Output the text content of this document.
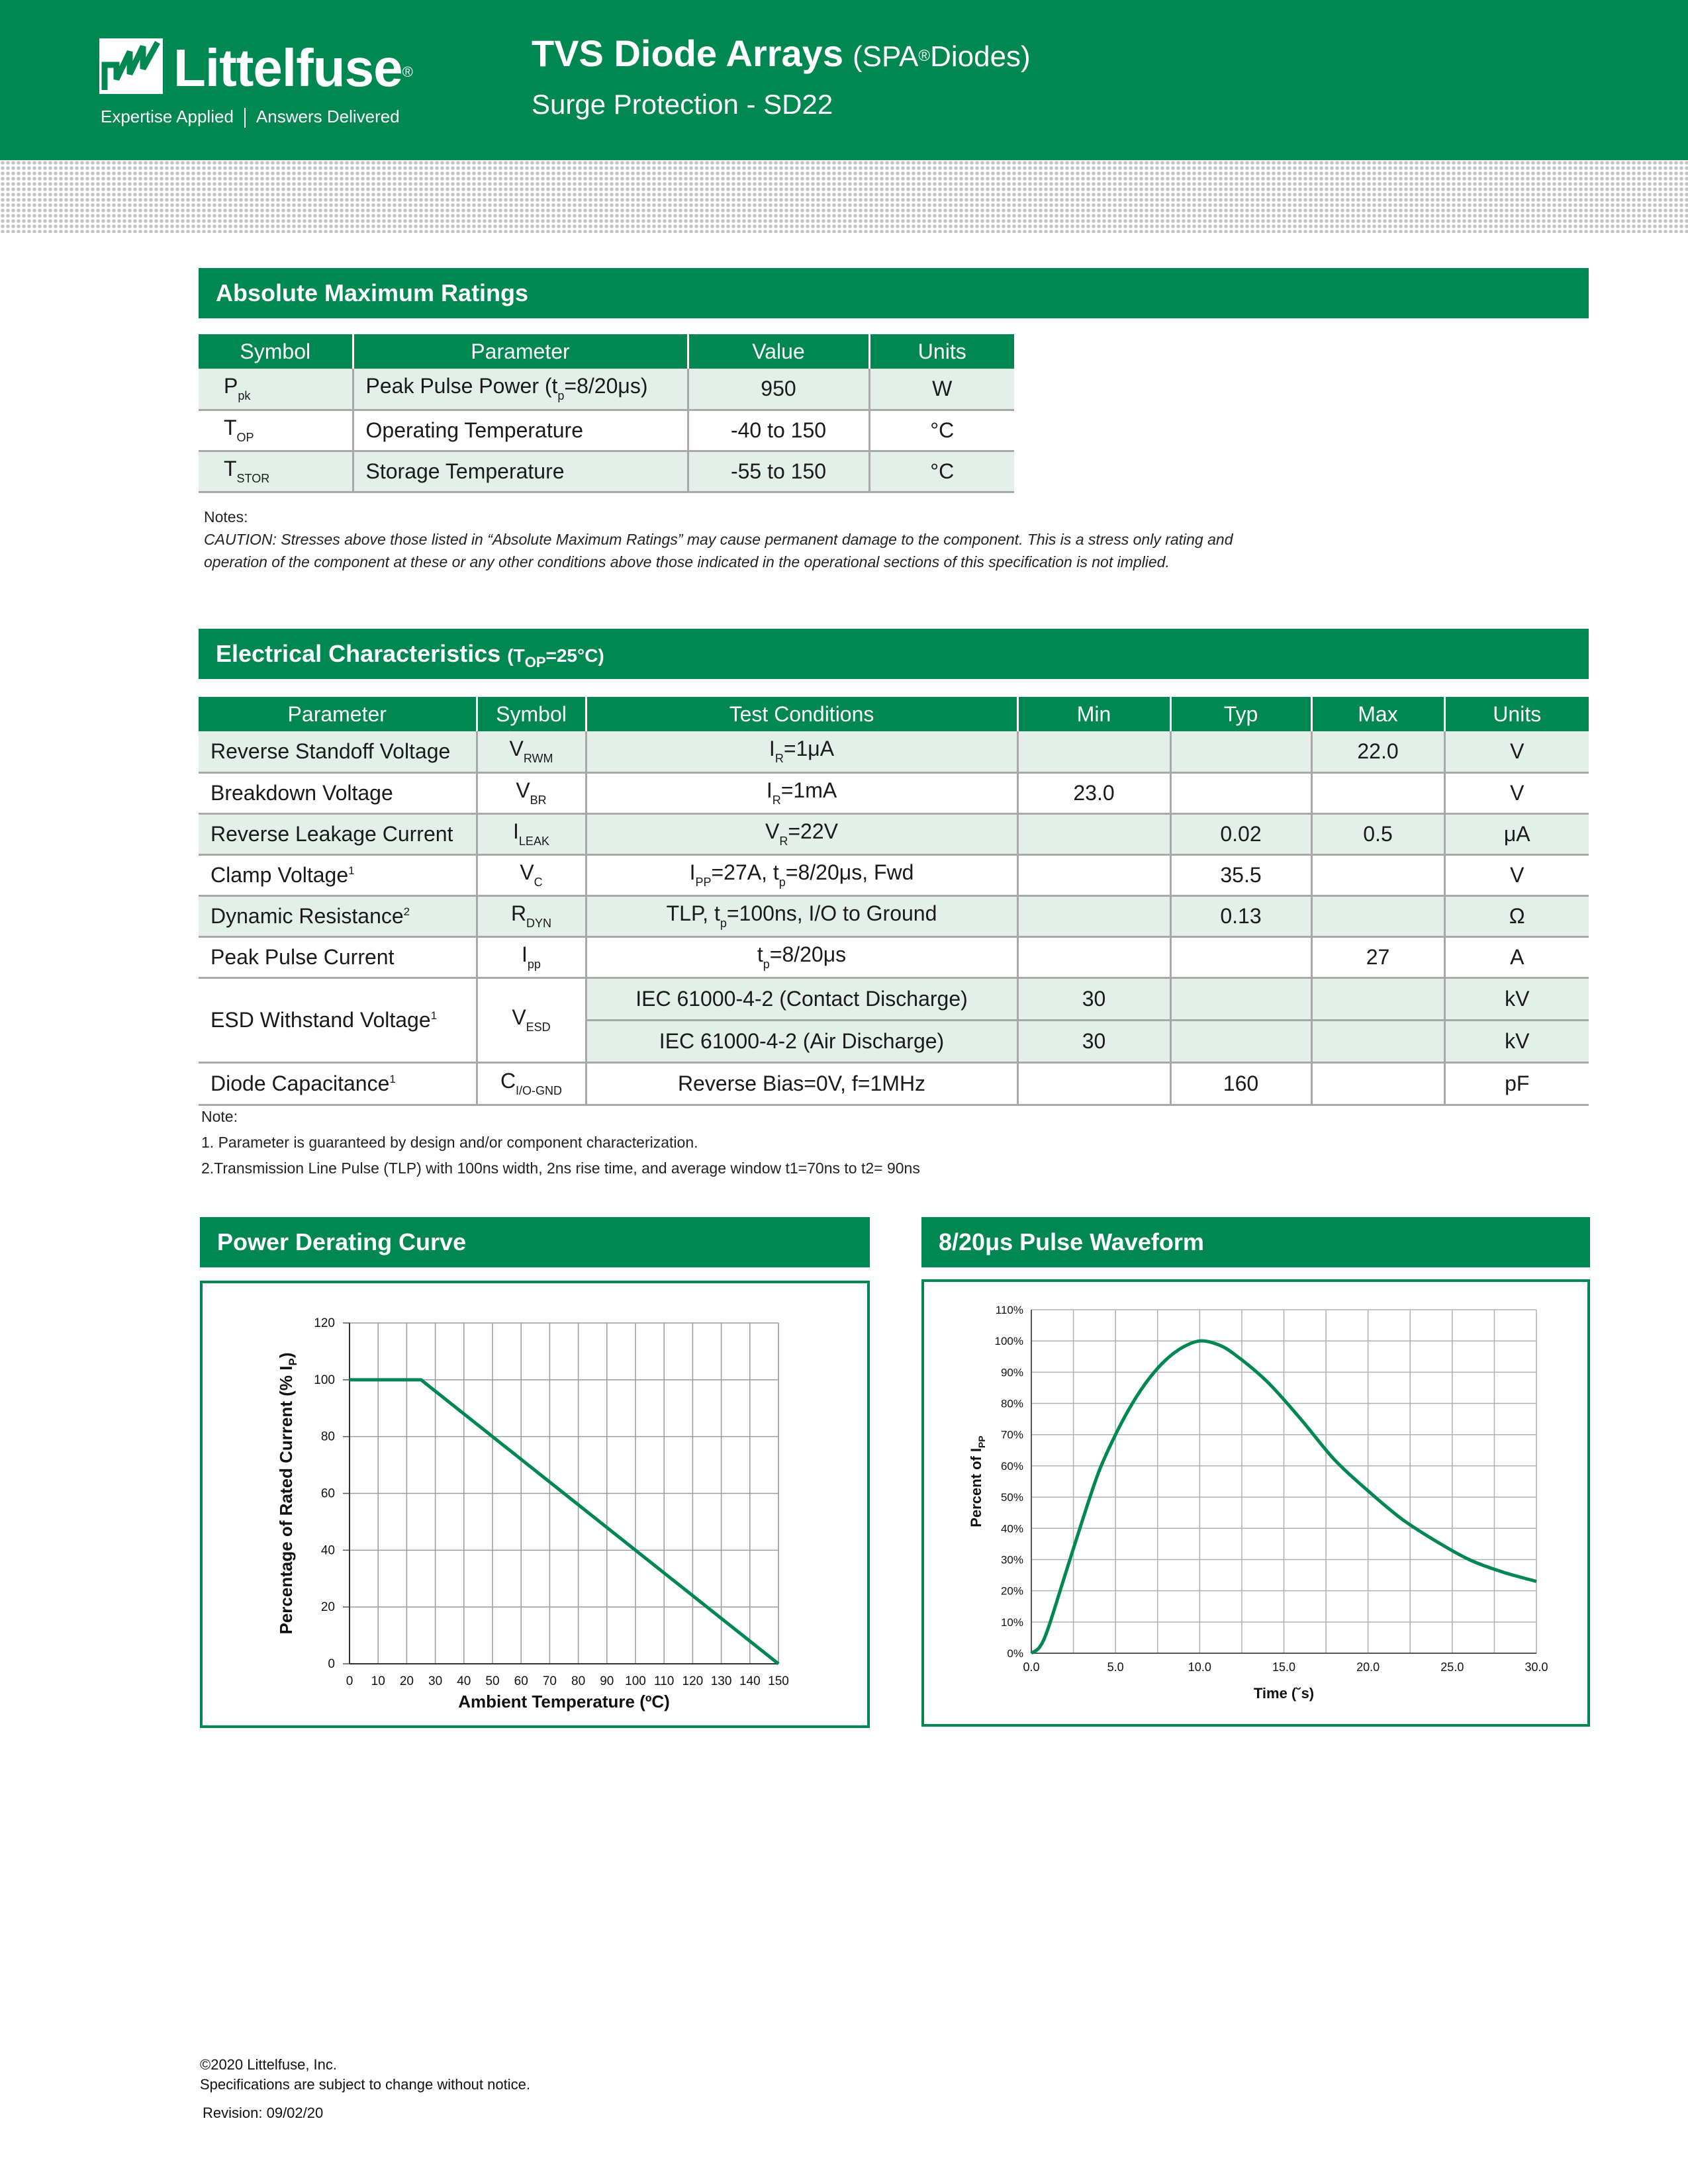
Littelfuse®
Expertise Applied Answers Delivered
TVS Diode Arrays (SPA®Diodes)
Surge Protection - SD22
Absolute Maximum Ratings
Symbol	Parameter	Value	Units
$P_{pk}$	Peak Pulse Power $(t_p=8/20\mu s)$	950	W
$T_{OP}$	Operating Temperature	-40 to 150	°C
$T_{STOR}$	Storage Temperature	-55 to 150	°C
Notes:
CAUTION: Stresses above those listed in “Absolute Maximum Ratings” may cause permanent damage to the component. This is a stress only rating and
operation of the component at these or any other conditions above those indicated in the operational sections of this specification is not implied.
Electrical Characteristics $(T_{OP}=25^\circ C)$
Parameter	Symbol	Test Conditions	Min	Typ	Max	Units
Reverse Standoff Voltage	$V_{RWM}$	$I_R=1\mu A$			22.0	V
Breakdown Voltage	$V_{BR}$	$I_R=1mA$	23.0			V
Reverse Leakage Current	$I_{LEAK}$	$V_R=22V$		0.02	0.5	μA
Clamp Voltage$^1$	$V_C$	$I_{PP}=27A$, $t_p=8/20\mu s$, Fwd		35.5		V
Dynamic Resistance$^2$	$R_{DYN}$	TLP, $t_p=100ns$, I/O to Ground		0.13		Ω
Peak Pulse Current	$I_{pp}$	$t_p=8/20\mu s$			27	A
ESD Withstand Voltage$^1$	$V_{ESD}$	IEC 61000-4-2 (Contact Discharge)	30			kV
		IEC 61000-4-2 (Air Discharge)	30			kV
Diode Capacitance$^1$	$C_{I/O-GND}$	Reverse Bias=0V, f=1MHz		160		pF
Note:
1. Parameter is guaranteed by design and/or component characterization.
2.Transmission Line Pulse (TLP) with 100ns width, 2ns rise time, and average window t1=70ns to t2= 90ns
Power Derating Curve
0 10 20 30 40 50 60 70 80 90 100 110 120 130 140 150
0
20
40
60
80
100
120
Ambient Temperature (ºC)
Percentage of Rated Current (% $I_P$)
8/20μs Pulse Waveform
0.0	5.0	10.0	15.0	20.0	25.0	30.0
0%
10%
20%
30%
40%
50%
60%
70%
80%
90%
100%
110%
Time (˘s)
Percent of $I_{PP}$
©2020 Littelfuse, Inc.
Specifications are subject to change without notice.
Revision: 09/02/20
